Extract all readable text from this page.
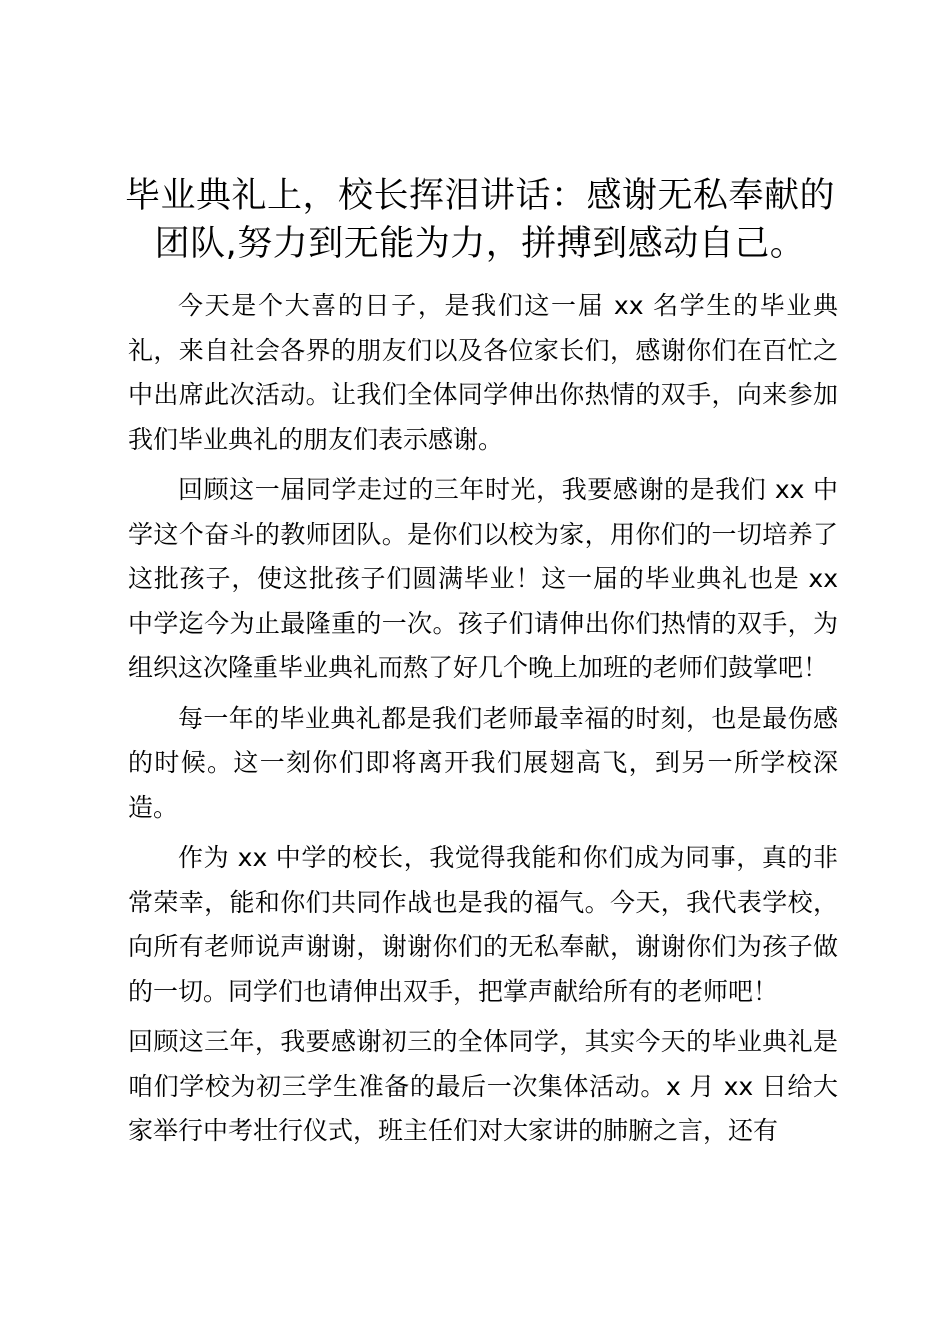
毕业典礼上，校长挥泪讲话：感谢无私奉献的
团队,努力到无能为力，拼搏到感动自己。

今天是个大喜的日子，是我们这一届 xx 名学生的毕业典礼，来自社会各界的朋友们以及各位家长们，感谢你们在百忙之中出席此次活动。让我们全体同学伸出你热情的双手，向来参加我们毕业典礼的朋友们表示感谢。

回顾这一届同学走过的三年时光，我要感谢的是我们 xx 中学这个奋斗的教师团队。是你们以校为家，用你们的一切培养了这批孩子，使这批孩子们圆满毕业！这一届的毕业典礼也是 xx 中学迄今为止最隆重的一次。孩子们请伸出你们热情的双手，为组织这次隆重毕业典礼而熬了好几个晚上加班的老师们鼓掌吧！

每一年的毕业典礼都是我们老师最幸福的时刻，也是最伤感的时候。这一刻你们即将离开我们展翅高飞，到另一所学校深造。

作为 xx 中学的校长，我觉得我能和你们成为同事，真的非常荣幸，能和你们共同作战也是我的福气。今天，我代表学校，向所有老师说声谢谢，谢谢你们的无私奉献，谢谢你们为孩子做的一切。同学们也请伸出双手，把掌声献给所有的老师吧！

回顾这三年，我要感谢初三的全体同学，其实今天的毕业典礼是咱们学校为初三学生准备的最后一次集体活动。x 月 xx 日给大家举行中考壮行仪式，班主任们对大家讲的肺腑之言，还有
